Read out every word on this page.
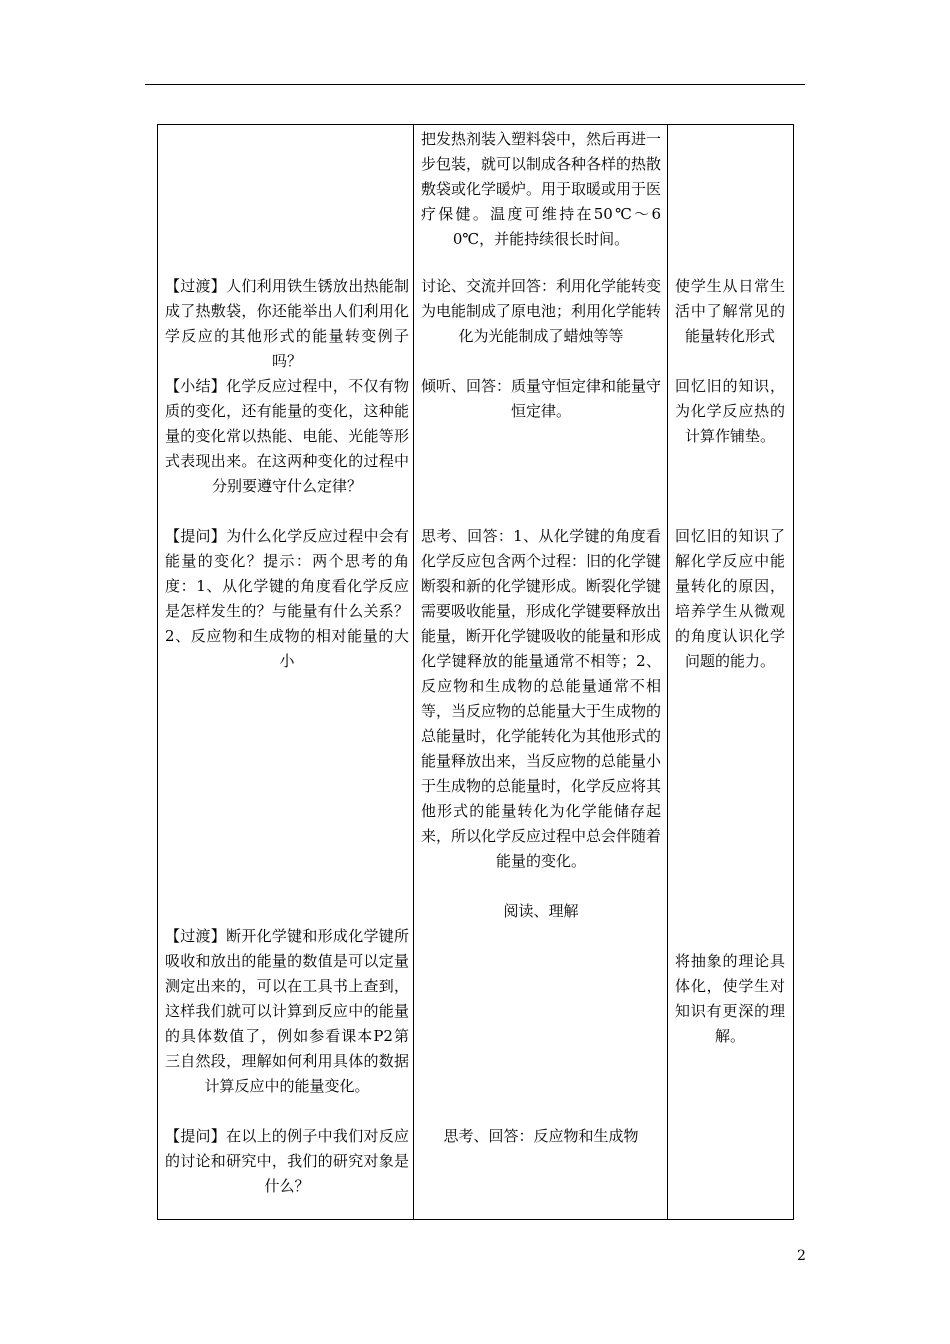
把发热剂装入塑料袋中，然后再进一步包装，就可以制成各种各样的热散敷袋或化学暖炉。用于取暖或用于医疗保健。温度可维持在50℃～60℃，并能持续很长时间。
【过渡】人们利用铁生锈放出热能制成了热敷袋，你还能举出人们利用化学反应的其他形式的能量转变例子吗？
讨论、交流并回答：利用化学能转变为电能制成了原电池；利用化学能转化为光能制成了蜡烛等等
使学生从日常生活中了解常见的能量转化形式
【小结】化学反应过程中，不仅有物质的变化，还有能量的变化，这种能量的变化常以热能、电能、光能等形式表现出来。在这两种变化的过程中分别要遵守什么定律？
倾听、回答：质量守恒定律和能量守恒定律。
回忆旧的知识，为化学反应热的计算作铺垫。
【提问】为什么化学反应过程中会有能量的变化？提示：两个思考的角度：1、从化学键的角度看化学反应是怎样发生的？与能量有什么关系？2、反应物和生成物的相对能量的大小
思考、回答：1、从化学键的角度看化学反应包含两个过程：旧的化学键断裂和新的化学键形成。断裂化学键需要吸收能量，形成化学键要释放出能量，断开化学键吸收的能量和形成化学键释放的能量通常不相等；2、反应物和生成物的总能量通常不相等，当反应物的总能量大于生成物的总能量时，化学能转化为其他形式的能量释放出来，当反应物的总能量小于生成物的总能量时，化学反应将其他形式的能量转化为化学能储存起来，所以化学反应过程中总会伴随着能量的变化。
回忆旧的知识了解化学反应中能量转化的原因，培养学生从微观的角度认识化学问题的能力。
阅读、理解
【过渡】断开化学键和形成化学键所吸收和放出的能量的数值是可以定量测定出来的，可以在工具书上查到，这样我们就可以计算到反应中的能量的具体数值了，例如参看课本P2第三自然段，理解如何利用具体的数据计算反应中的能量变化。
将抽象的理论具体化，使学生对知识有更深的理解。
【提问】在以上的例子中我们对反应的讨论和研究中，我们的研究对象是什么？
思考、回答：反应物和生成物
2
